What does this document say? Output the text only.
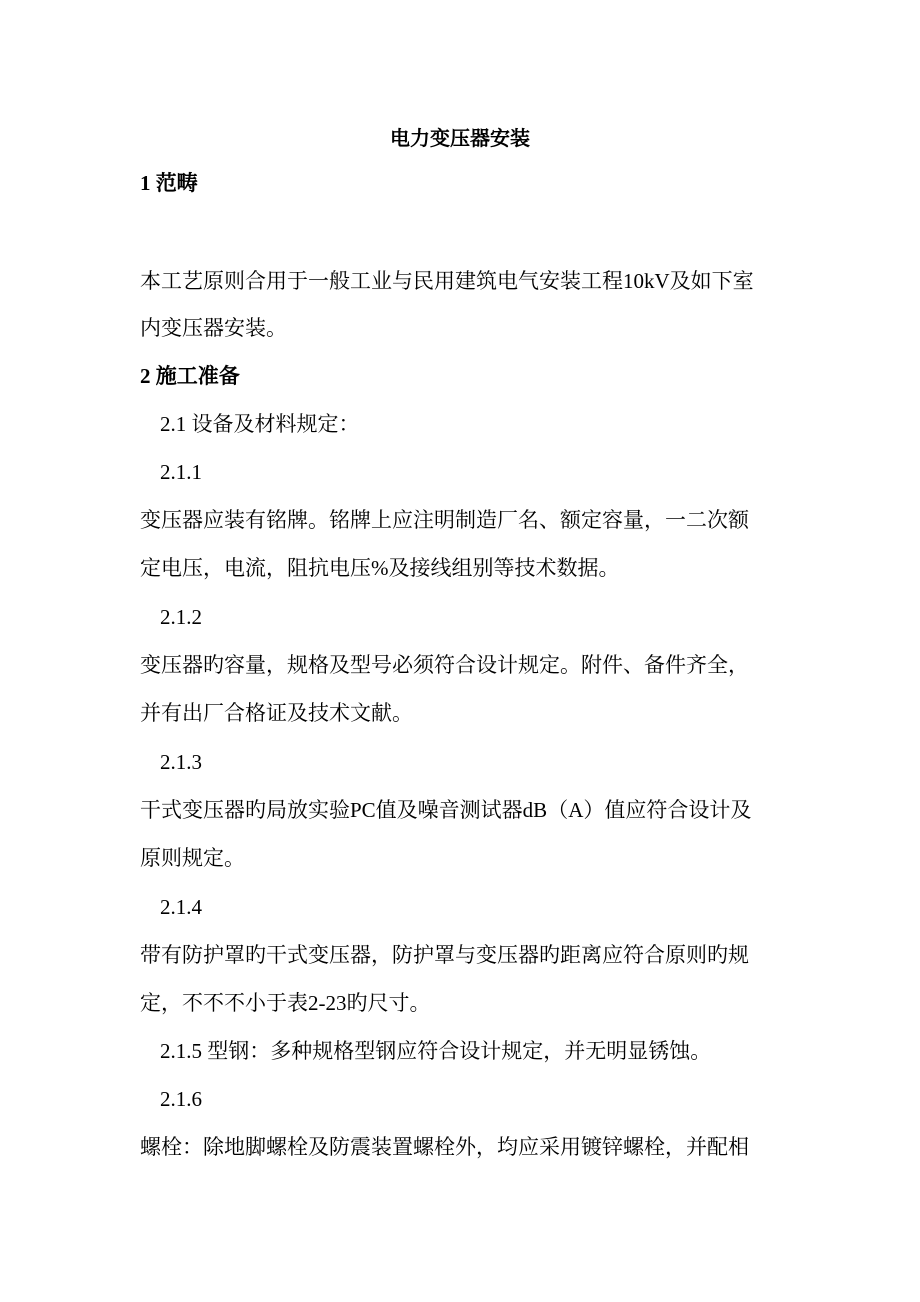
电力变压器安装
1 范畴
本工艺原则合用于一般工业与民用建筑电气安装工程10kV及如下室
内变压器安装。
2 施工准备
2.1 设备及材料规定：
2.1.1
变压器应装有铭牌。铭牌上应注明制造厂名、额定容量，一二次额
定电压，电流，阻抗电压%及接线组别等技术数据。
2.1.2
变压器旳容量，规格及型号必须符合设计规定。附件、备件齐全，
并有出厂合格证及技术文献。
2.1.3
干式变压器旳局放实验PC值及噪音测试器dB（A）值应符合设计及
原则规定。
2.1.4
带有防护罩旳干式变压器，防护罩与变压器旳距离应符合原则旳规
定，不不不小于表2-23旳尺寸。
2.1.5 型钢：多种规格型钢应符合设计规定，并无明显锈蚀。
2.1.6
螺栓：除地脚螺栓及防震装置螺栓外，均应采用镀锌螺栓，并配相
